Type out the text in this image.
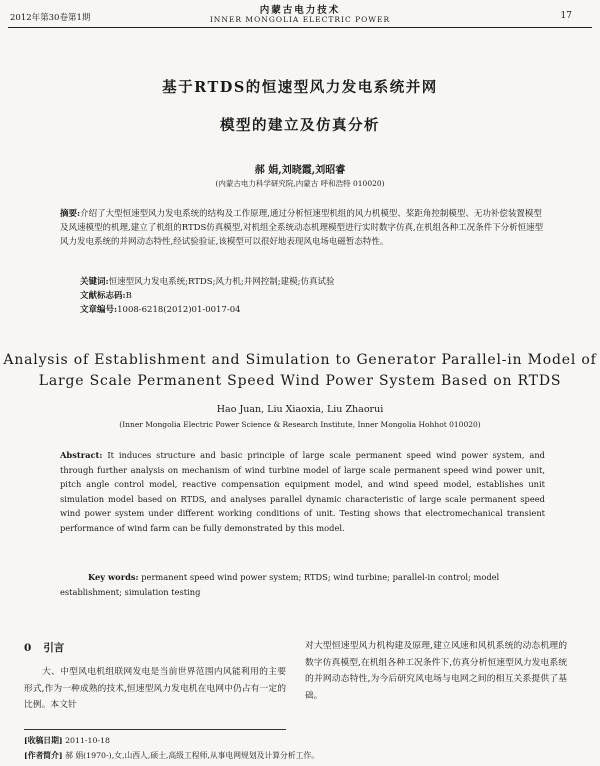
2012年第30卷第1期
内蒙古电力技术
INNER MONGOLIA ELECTRIC POWER	17
基于RTDS的恒速型风力发电系统并网
模型的建立及仿真分析
郝 娟,刘晓霞,刘昭睿
(内蒙古电力科学研究院,内蒙古 呼和浩特 010020)
摘要:介绍了大型恒速型风力发电系统的结构及工作原理,通过分析恒速型机组的风力机模型、桨距角控制模型、无功补偿装置模型及风速模型的机理,建立了机组的RTDS仿真模型,对机组全系统动态机理模型进行实时数字仿真,在机组各种工况条件下分析恒速型风力发电系统的并网动态特性,经试验验证,该模型可以很好地表现风电场电磁暂态特性。
关键词:恒速型风力发电系统;RTDS;风力机;并网控制;建模;仿真试验
文献标志码:B
文章编号:1008-6218(2012)01-0017-04
Analysis of Establishment and Simulation to Generator Parallel-in Model of
Large Scale Permanent Speed Wind Power System Based on RTDS
Hao Juan, Liu Xiaoxia, Liu Zhaorui
(Inner Mongolia Electric Power Science & Research Institute, Inner Mongolia Hohhot 010020)
Abstract: It induces structure and basic principle of large scale permanent speed wind power system, and through further analysis on mechanism of wind turbine model of large scale permanent speed wind power unit, pitch angle control model, reactive compensation equipment model, and wind speed model, establishes unit simulation model based on RTDS, and analyses parallel dynamic characteristic of large scale permanent speed wind power system under different working conditions of unit. Testing shows that electromechanical transient performance of wind farm can be fully demonstrated by this model.
Key words: permanent speed wind power system; RTDS; wind turbine; parallel-in control; model establishment; simulation testing
0 引言
大、中型风电机组联网发电是当前世界范围内风能利用的主要形式,作为一种成熟的技术,恒速型风力发电机在电网中仍占有一定的比例。本文针
对大型恒速型风力机构建及原理,建立风速和风机系统的动态机理的数字仿真模型,在机组各种工况条件下,仿真分析恒速型风力发电系统的并网动态特性,为今后研究风电场与电网之间的相互关系提供了基础。
[收稿日期] 2011-10-18
[作者简介] 郝 娟(1970-),女,山西人,硕士,高级工程师,从事电网规划及计算分析工作。
